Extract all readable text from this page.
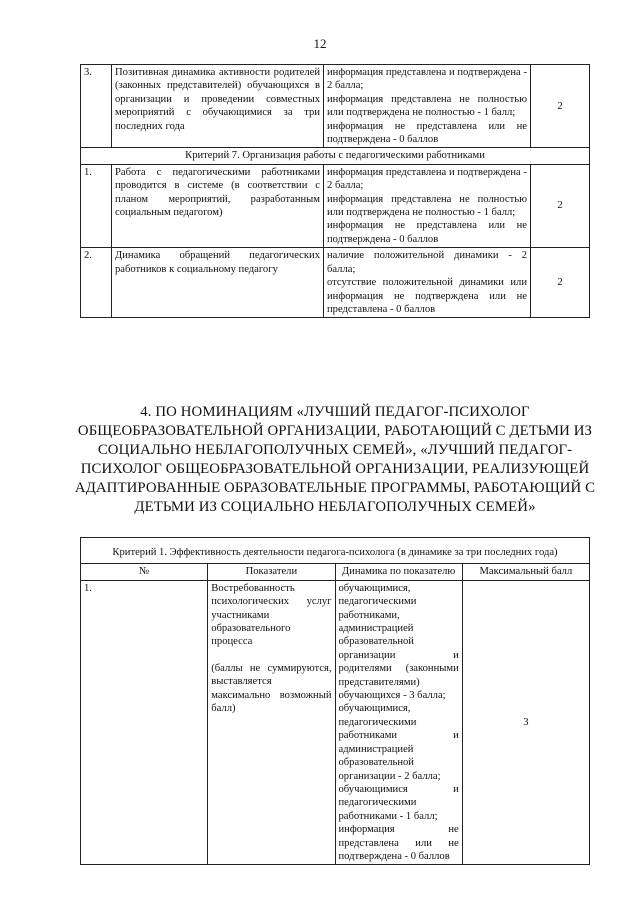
12
3.	Позитивная динамика активности родителей (законных представителей) обучающихся в организации и проведении совместных мероприятий с обучающимися за три последних года	информация представлена и подтверждена - 2 балла;
информация представлена не полностью или подтверждена не полностью - 1 балл;
информация не представлена или не подтверждена - 0 баллов	2
Критерий 7. Организация работы с педагогическими работниками			
1.	Работа с педагогическими работниками проводится в системе (в соответствии с планом мероприятий, разработанным социальным педагогом)	информация представлена и подтверждена - 2 балла;
информация представлена не полностью или подтверждена не полностью - 1 балл;
информация не представлена или не подтверждена - 0 баллов	2
2.	Динамика обращений педагогических работников к социальному педагогу	наличие положительной динамики - 2 балла;
отсутствие положительной динамики или информация не подтверждена или не представлена - 0 баллов	2
4. ПО НОМИНАЦИЯМ «ЛУЧШИЙ ПЕДАГОГ-ПСИХОЛОГ ОБЩЕОБРАЗОВАТЕЛЬНОЙ ОРГАНИЗАЦИИ, РАБОТАЮЩИЙ С ДЕТЬМИ ИЗ СОЦИАЛЬНО НЕБЛАГОПОЛУЧНЫХ СЕМЕЙ», «ЛУЧШИЙ ПЕДАГОГ-ПСИХОЛОГ ОБЩЕОБРАЗОВАТЕЛЬНОЙ ОРГАНИЗАЦИИ, РЕАЛИЗУЮЩЕЙ АДАПТИРОВАННЫЕ ОБРАЗОВАТЕЛЬНЫЕ ПРОГРАММЫ, РАБОТАЮЩИЙ С ДЕТЬМИ ИЗ СОЦИАЛЬНО НЕБЛАГОПОЛУЧНЫХ СЕМЕЙ»
Критерий 1. Эффективность деятельности педагога-психолога (в динамике за три последних года)			
№	Показатели	Динамика по показателю	Максимальный балл
1.	Востребованность психологических услуг участниками образовательного процесса
(баллы не суммируются, выставляется максимально возможный балл)	обучающимися, педагогическими работниками, администрацией образовательной организации и родителями (законными представителями) обучающихся - 3 балла;
обучающимися, педагогическими работниками и администрацией образовательной организации - 2 балла;
обучающимися и педагогическими работниками - 1 балл;
информация не представлена или не подтверждена - 0 баллов	3
